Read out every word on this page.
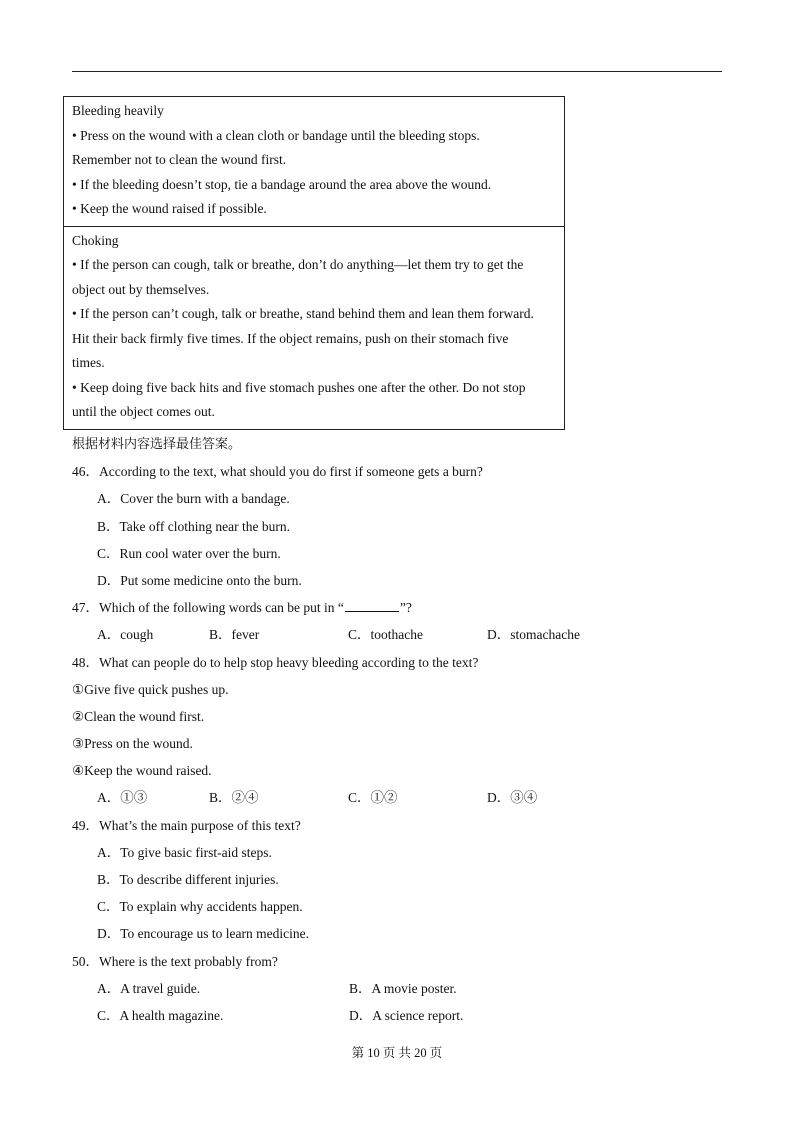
Bleeding heavily
• Press on the wound with a clean cloth or bandage until the bleeding stops.
Remember not to clean the wound first.
• If the bleeding doesn’t stop, tie a bandage around the area above the wound.
• Keep the wound raised if possible.
Choking
• If the person can cough, talk or breathe, don’t do anything—let them try to get the
object out by themselves.
• If the person can’t cough, talk or breathe, stand behind them and lean them forward.
Hit their back firmly five times. If the object remains, push on their stomach five
times.
• Keep doing five back hits and five stomach pushes one after the other. Do not stop
until the object comes out.
根据材料内容选择最佳答案。
46．According to the text, what should you do first if someone gets a burn?
A．Cover the burn with a bandage.
B．Take off clothing near the burn.
C．Run cool water over the burn.
D．Put some medicine onto the burn.
47．Which of the following words can be put in “	”?
A．cough	B．fever	C．toothache	D．stomachache
48．What can people do to help stop heavy bleeding according to the text?
①Give five quick pushes up.
②Clean the wound first.
③Press on the wound.
④Keep the wound raised.
A．①③	B．②④	C．①②	D．③④
49．What’s the main purpose of this text?
A．To give basic first-aid steps.
B．To describe different injuries.
C．To explain why accidents happen.
D．To encourage us to learn medicine.
50．Where is the text probably from?
A．A travel guide.	B．A movie poster.
C．A health magazine.	D．A science report.
第 10 页 共 20 页
